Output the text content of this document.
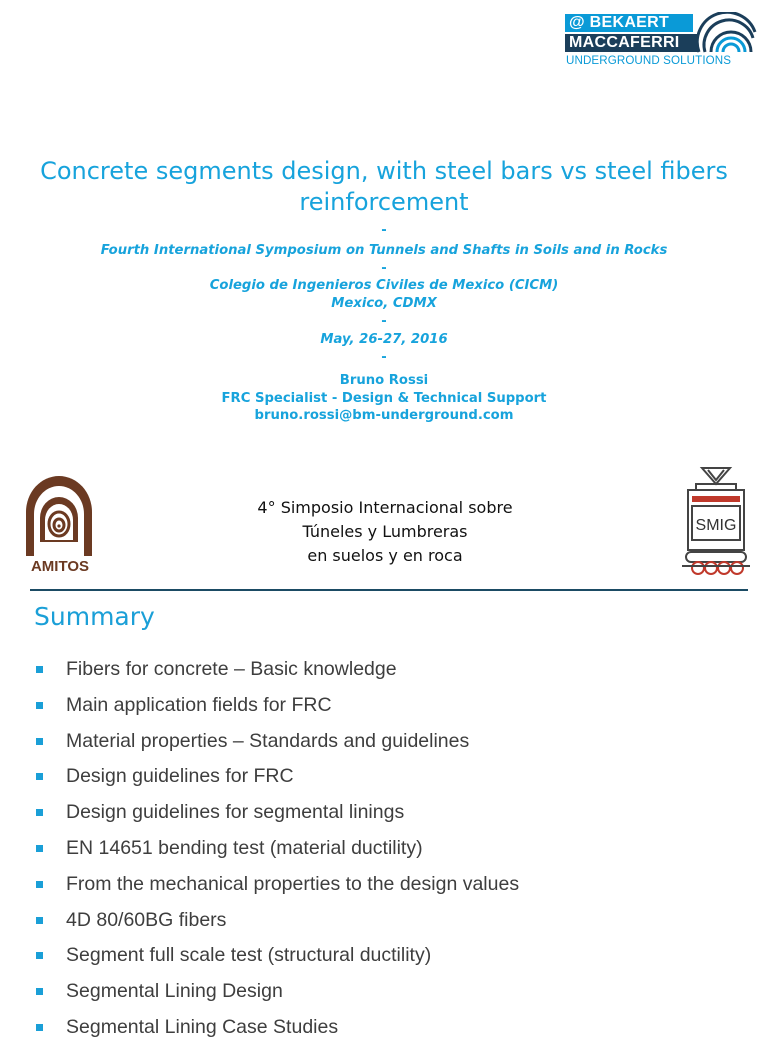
@ BEKAERT
MACCAFERRI
UNDERGROUND SOLUTIONS
Concrete segments design, with steel bars vs steel fibers reinforcement
-
Fourth International Symposium on Tunnels and Shafts in Soils and in Rocks
-
Colegio de Ingenieros Civiles de Mexico (CICM)
Mexico, CDMX
-
May, 26-27, 2016
-
Bruno Rossi
FRC Specialist - Design & Technical Support
bruno.rossi@bm-underground.com
AMITOS
4° Simposio Internacional sobre
Túneles y Lumbreras
en suelos y en roca
SMIG
Summary
Fibers for concrete – Basic knowledge
Main application fields for FRC
Material properties – Standards and guidelines
Design guidelines for FRC
Design guidelines for segmental linings
EN 14651 bending test (material ductility)
From the mechanical properties to the design values
4D 80/60BG fibers
Segment full scale test (structural ductility)
Segmental Lining Design
Segmental Lining Case Studies
